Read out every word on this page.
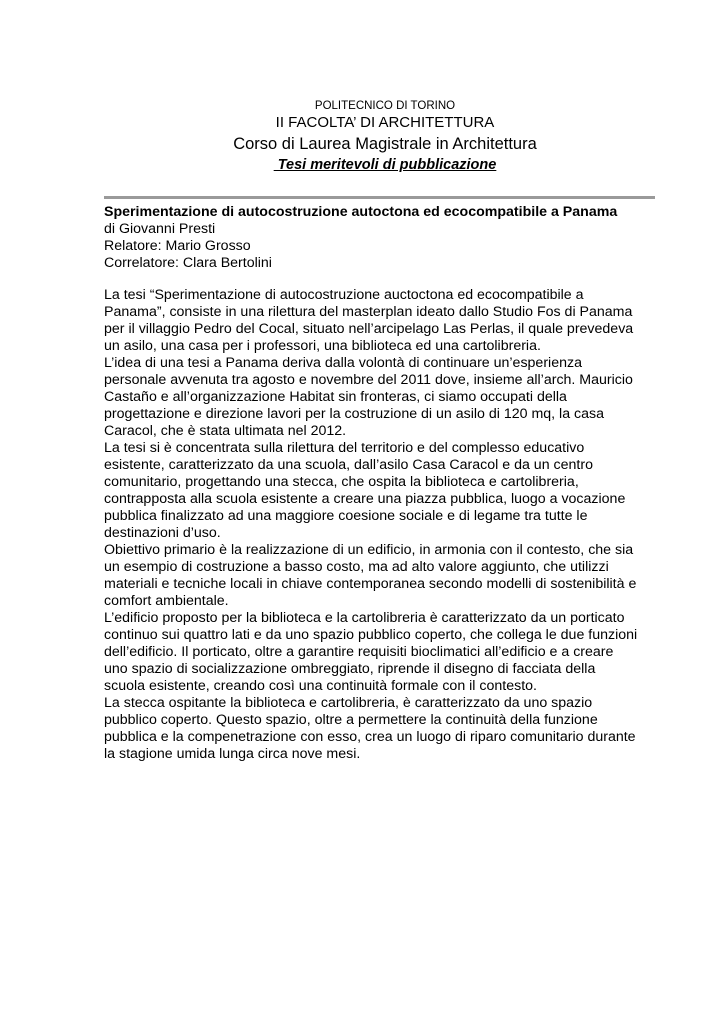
POLITECNICO DI TORINO
II FACOLTA’ DI ARCHITETTURA
Corso di Laurea Magistrale in Architettura
Tesi meritevoli di pubblicazione
Sperimentazione di autocostruzione autoctona ed ecocompatibile a Panama
di Giovanni Presti
Relatore: Mario Grosso
Correlatore: Clara Bertolini
La tesi “Sperimentazione di autocostruzione auctoctona ed ecocompatibile a
Panama”, consiste in una rilettura del masterplan ideato dallo Studio Fos di Panama
per il villaggio Pedro del Cocal, situato nell’arcipelago Las Perlas, il quale prevedeva
un asilo, una casa per i professori, una biblioteca ed una cartolibreria.
L’idea di una tesi a Panama deriva dalla volontà di continuare un’esperienza
personale avvenuta tra agosto e novembre del 2011 dove, insieme all’arch. Mauricio
Castaño e all’organizzazione Habitat sin fronteras, ci siamo occupati della
progettazione e direzione lavori per la costruzione di un asilo di 120 mq, la casa
Caracol, che è stata ultimata nel 2012.
La tesi si è concentrata sulla rilettura del territorio e del complesso educativo
esistente, caratterizzato da una scuola, dall’asilo Casa Caracol e da un centro
comunitario, progettando una stecca, che ospita la biblioteca e cartolibreria,
contrapposta alla scuola esistente a creare una piazza pubblica, luogo a vocazione
pubblica finalizzato ad una maggiore coesione sociale e di legame tra tutte le
destinazioni d’uso.
Obiettivo primario è la realizzazione di un edificio, in armonia con il contesto, che sia
un esempio di costruzione a basso costo, ma ad alto valore aggiunto, che utilizzi
materiali e tecniche locali in chiave contemporanea secondo modelli di sostenibilità e
comfort ambientale.
L’edificio proposto per la biblioteca e la cartolibreria è caratterizzato da un porticato
continuo sui quattro lati e da uno spazio pubblico coperto, che collega le due funzioni
dell’edificio. Il porticato, oltre a garantire requisiti bioclimatici all’edificio e a creare
uno spazio di socializzazione ombreggiato, riprende il disegno di facciata della
scuola esistente, creando così una continuità formale con il contesto.
La stecca ospitante la biblioteca e cartolibreria, è caratterizzato da uno spazio
pubblico coperto. Questo spazio, oltre a permettere la continuità della funzione
pubblica e la compenetrazione con esso, crea un luogo di riparo comunitario durante
la stagione umida lunga circa nove mesi.
